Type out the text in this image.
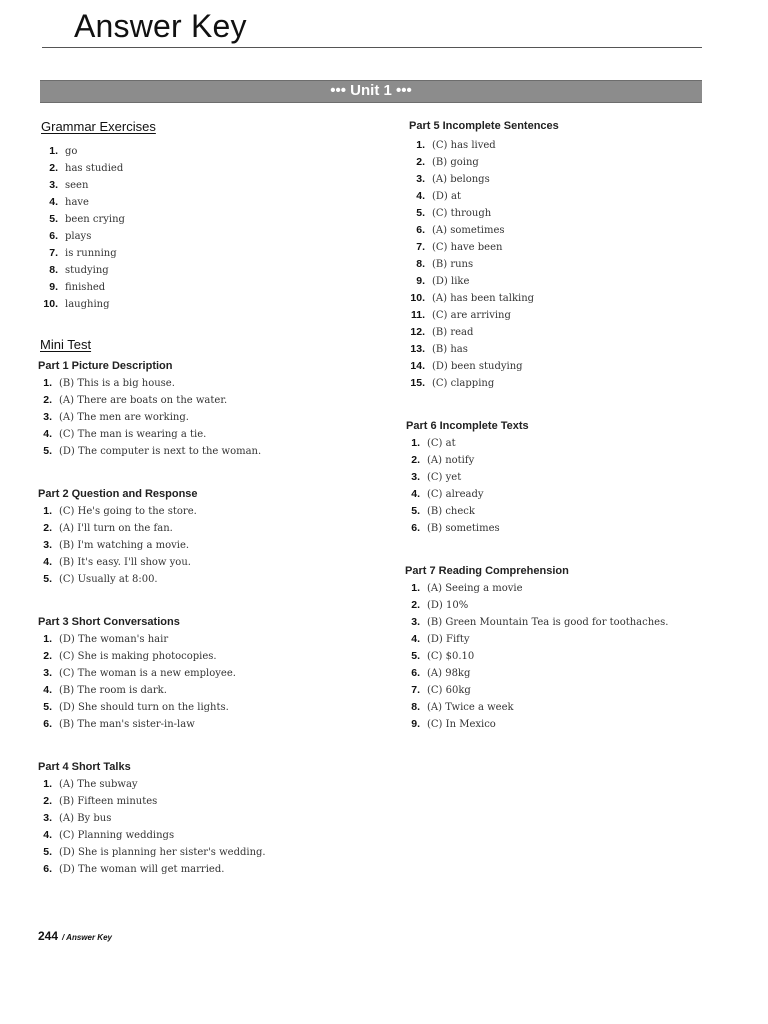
Answer Key
••• Unit 1 •••
Grammar Exercises
1. go
2. has studied
3. seen
4. have
5. been crying
6. plays
7. is running
8. studying
9. finished
10. laughing
Mini Test
Part 1 Picture Description
1. (B) This is a big house.
2. (A) There are boats on the water.
3. (A) The men are working.
4. (C) The man is wearing a tie.
5. (D) The computer is next to the woman.
Part 2 Question and Response
1. (C) He's going to the store.
2. (A) I'll turn on the fan.
3. (B) I'm watching a movie.
4. (B) It's easy. I'll show you.
5. (C) Usually at 8:00.
Part 3 Short Conversations
1. (D) The woman's hair
2. (C) She is making photocopies.
3. (C) The woman is a new employee.
4. (B) The room is dark.
5. (D) She should turn on the lights.
6. (B) The man's sister-in-law
Part 4 Short Talks
1. (A) The subway
2. (B) Fifteen minutes
3. (A) By bus
4. (C) Planning weddings
5. (D) She is planning her sister's wedding.
6. (D) The woman will get married.
Part 5 Incomplete Sentences
1. (C) has lived
2. (B) going
3. (A) belongs
4. (D) at
5. (C) through
6. (A) sometimes
7. (C) have been
8. (B) runs
9. (D) like
10. (A) has been talking
11. (C) are arriving
12. (B) read
13. (B) has
14. (D) been studying
15. (C) clapping
Part 6 Incomplete Texts
1. (C) at
2. (A) notify
3. (C) yet
4. (C) already
5. (B) check
6. (B) sometimes
Part 7 Reading Comprehension
1. (A) Seeing a movie
2. (D) 10%
3. (B) Green Mountain Tea is good for toothaches.
4. (D) Fifty
5. (C) $0.10
6. (A) 98kg
7. (C) 60kg
8. (A) Twice a week
9. (C) In Mexico
244 / Answer Key
